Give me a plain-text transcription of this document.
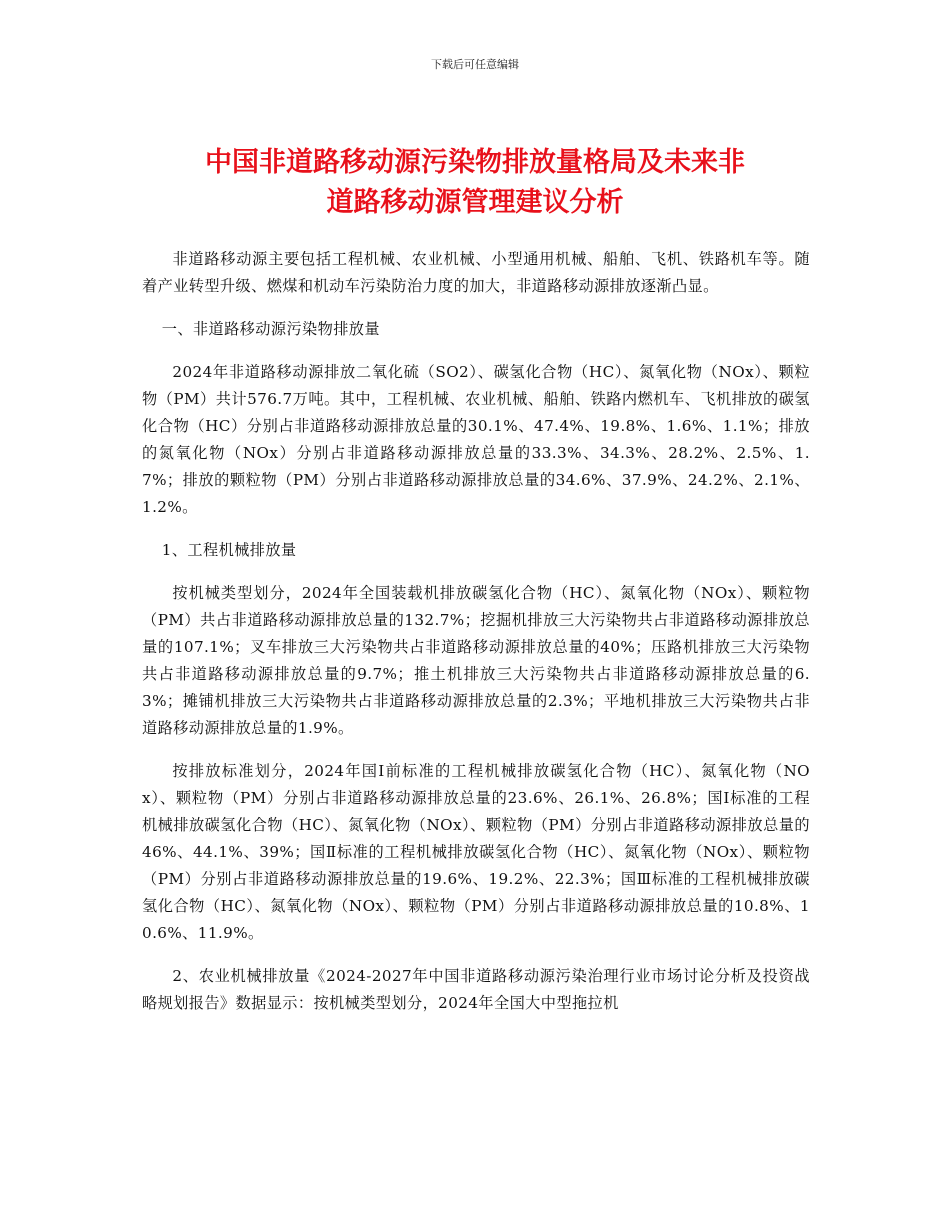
下载后可任意编辑
中国非道路移动源污染物排放量格局及未来非
道路移动源管理建议分析

非道路移动源主要包括工程机械、农业机械、小型通用机械、船舶、飞机、铁路机车等。随着产业转型升级、燃煤和机动车污染防治力度的加大，非道路移动源排放逐渐凸显。

一、非道路移动源污染物排放量

2024年非道路移动源排放二氧化硫（SO2）、碳氢化合物（HC）、氮氧化物（NOx）、颗粒物（PM）共计576.7万吨。其中，工程机械、农业机械、船舶、铁路内燃机车、飞机排放的碳氢化合物（HC）分别占非道路移动源排放总量的30.1%、47.4%、19.8%、1.6%、1.1%；排放的氮氧化物（NOx）分别占非道路移动源排放总量的33.3%、34.3%、28.2%、2.5%、1.7%；排放的颗粒物（PM）分别占非道路移动源排放总量的34.6%、37.9%、24.2%、2.1%、1.2%。

1、工程机械排放量

按机械类型划分，2024年全国装载机排放碳氢化合物（HC）、氮氧化物（NOx）、颗粒物（PM）共占非道路移动源排放总量的132.7%；挖掘机排放三大污染物共占非道路移动源排放总量的107.1%；叉车排放三大污染物共占非道路移动源排放总量的40%；压路机排放三大污染物共占非道路移动源排放总量的9.7%；推土机排放三大污染物共占非道路移动源排放总量的6.3%；摊铺机排放三大污染物共占非道路移动源排放总量的2.3%；平地机排放三大污染物共占非道路移动源排放总量的1.9%。

按排放标准划分，2024年国Ⅰ前标准的工程机械排放碳氢化合物（HC）、氮氧化物（NOx）、颗粒物（PM）分别占非道路移动源排放总量的23.6%、26.1%、26.8%；国Ⅰ标准的工程机械排放碳氢化合物（HC）、氮氧化物（NOx）、颗粒物（PM）分别占非道路移动源排放总量的46%、44.1%、39%；国Ⅱ标准的工程机械排放碳氢化合物（HC）、氮氧化物（NOx）、颗粒物（PM）分别占非道路移动源排放总量的19.6%、19.2%、22.3%；国Ⅲ标准的工程机械排放碳氢化合物（HC）、氮氧化物（NOx）、颗粒物（PM）分别占非道路移动源排放总量的10.8%、10.6%、11.9%。

2、农业机械排放量《2024-2027年中国非道路移动源污染治理行业市场讨论分析及投资战略规划报告》数据显示：按机械类型划分，2024年全国大中型拖拉机
